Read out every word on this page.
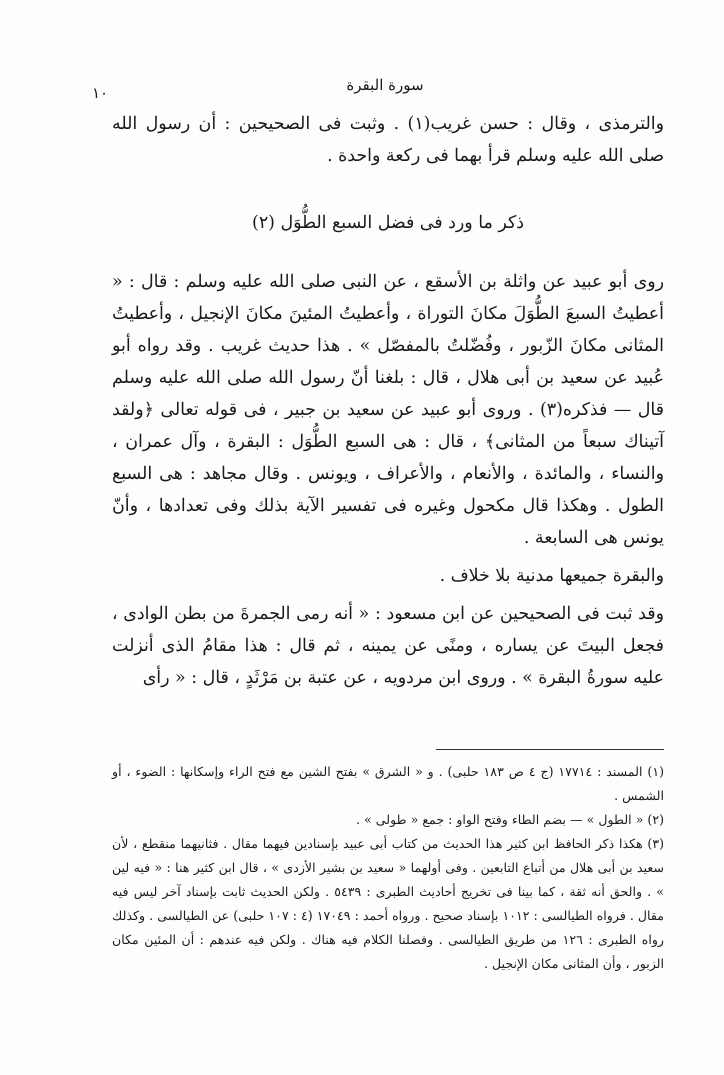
سورة البقرة
١٠

والترمذى ، وقال : حسن غريب(١) . وثبت فى الصحيحين : أن رسول الله صلى الله عليه وسلم قرأ بهما فى ركعة واحدة .

ذكر ما ورد فى فضل السبع الطُّوَل (٢)

روى أبو عبيد عن واثلة بن الأسقع ، عن النبى صلى الله عليه وسلم : قال : « أعطيتُ السبعَ الطُّوَلَ مكانَ التوراة ، وأعطيتُ المئينَ مكانَ الإنجيل ، وأعطيتُ المثانى مكانَ الزّبور ، وفُضّلتُ بالمفصّل » . هذا حديث غريب . وقد رواه أبو عُبيد عن سعيد بن أبى هلال ، قال : بلغنا أنّ رسول الله صلى الله عليه وسلم قال — فذكره(٣) . وروى أبو عبيد عن سعيد بن جبير ، فى قوله تعالى ﴿ولقد آتيناك سبعاً من المثانى﴾ ، قال : هى السبع الطُّوَل : البقرة ، وآل عمران ، والنساء ، والمائدة ، والأنعام ، والأعراف ، ويونس . وقال مجاهد : هى السبع الطول . وهكذا قال مكحول وغيره فى تفسير الآية بذلك وفى تعدادها ، وأنّ يونس هى السابعة .

والبقرة جميعها مدنية بلا خلاف .

وقد ثبت فى الصحيحين عن ابن مسعود : « أنه رمى الجمرةَ من بطن الوادى ، فجعل البيتَ عن يساره ، ومنًى عن يمينه ، ثم قال : هذا مقامُ الذى أنزلت عليه سورةُ البقرة » . وروى ابن مردويه ، عن عتبة بن مَرْثَدٍ ، قال : « رأى

(١) المسند : ١٧٧١٤ (ج ٤ ص ١٨٣ حلبى) . و « الشرق » بفتح الشين مع فتح الراء وإسكانها : الضوء ، أو الشمس .

(٢) « الطول » — بضم الطاء وفتح الواو : جمع « طولى » .

(٣) هكذا ذكر الحافظ ابن كثير هذا الحديث من كتاب أبى عبيد بإسنادين فيهما مقال . فثانيهما منقطع ، لأن سعيد بن أبى هلال من أتباع التابعين . وفى أولهما « سعيد بن بشير الأزدى » ، قال ابن كثير هنا : « فيه لين » . والحق أنه ثقة ، كما بينا فى تخريج أحاديث الطبرى : ٥٤٣٩ . ولكن الحديث ثابت بإسناد آخر ليس فيه مقال . فرواه الطيالسى : ١٠١٢ بإسناد صحيح . ورواه أحمد : ١٧٠٤٩ (٤ : ١٠٧ حلبى) عن الطيالسى . وكذلك رواه الطبرى : ١٢٦ من طريق الطيالسى . وفصلنا الكلام فيه هناك . ولكن فيه عندهم : أن المئين مكان الزبور ، وأن المثانى مكان الإنجيل .
